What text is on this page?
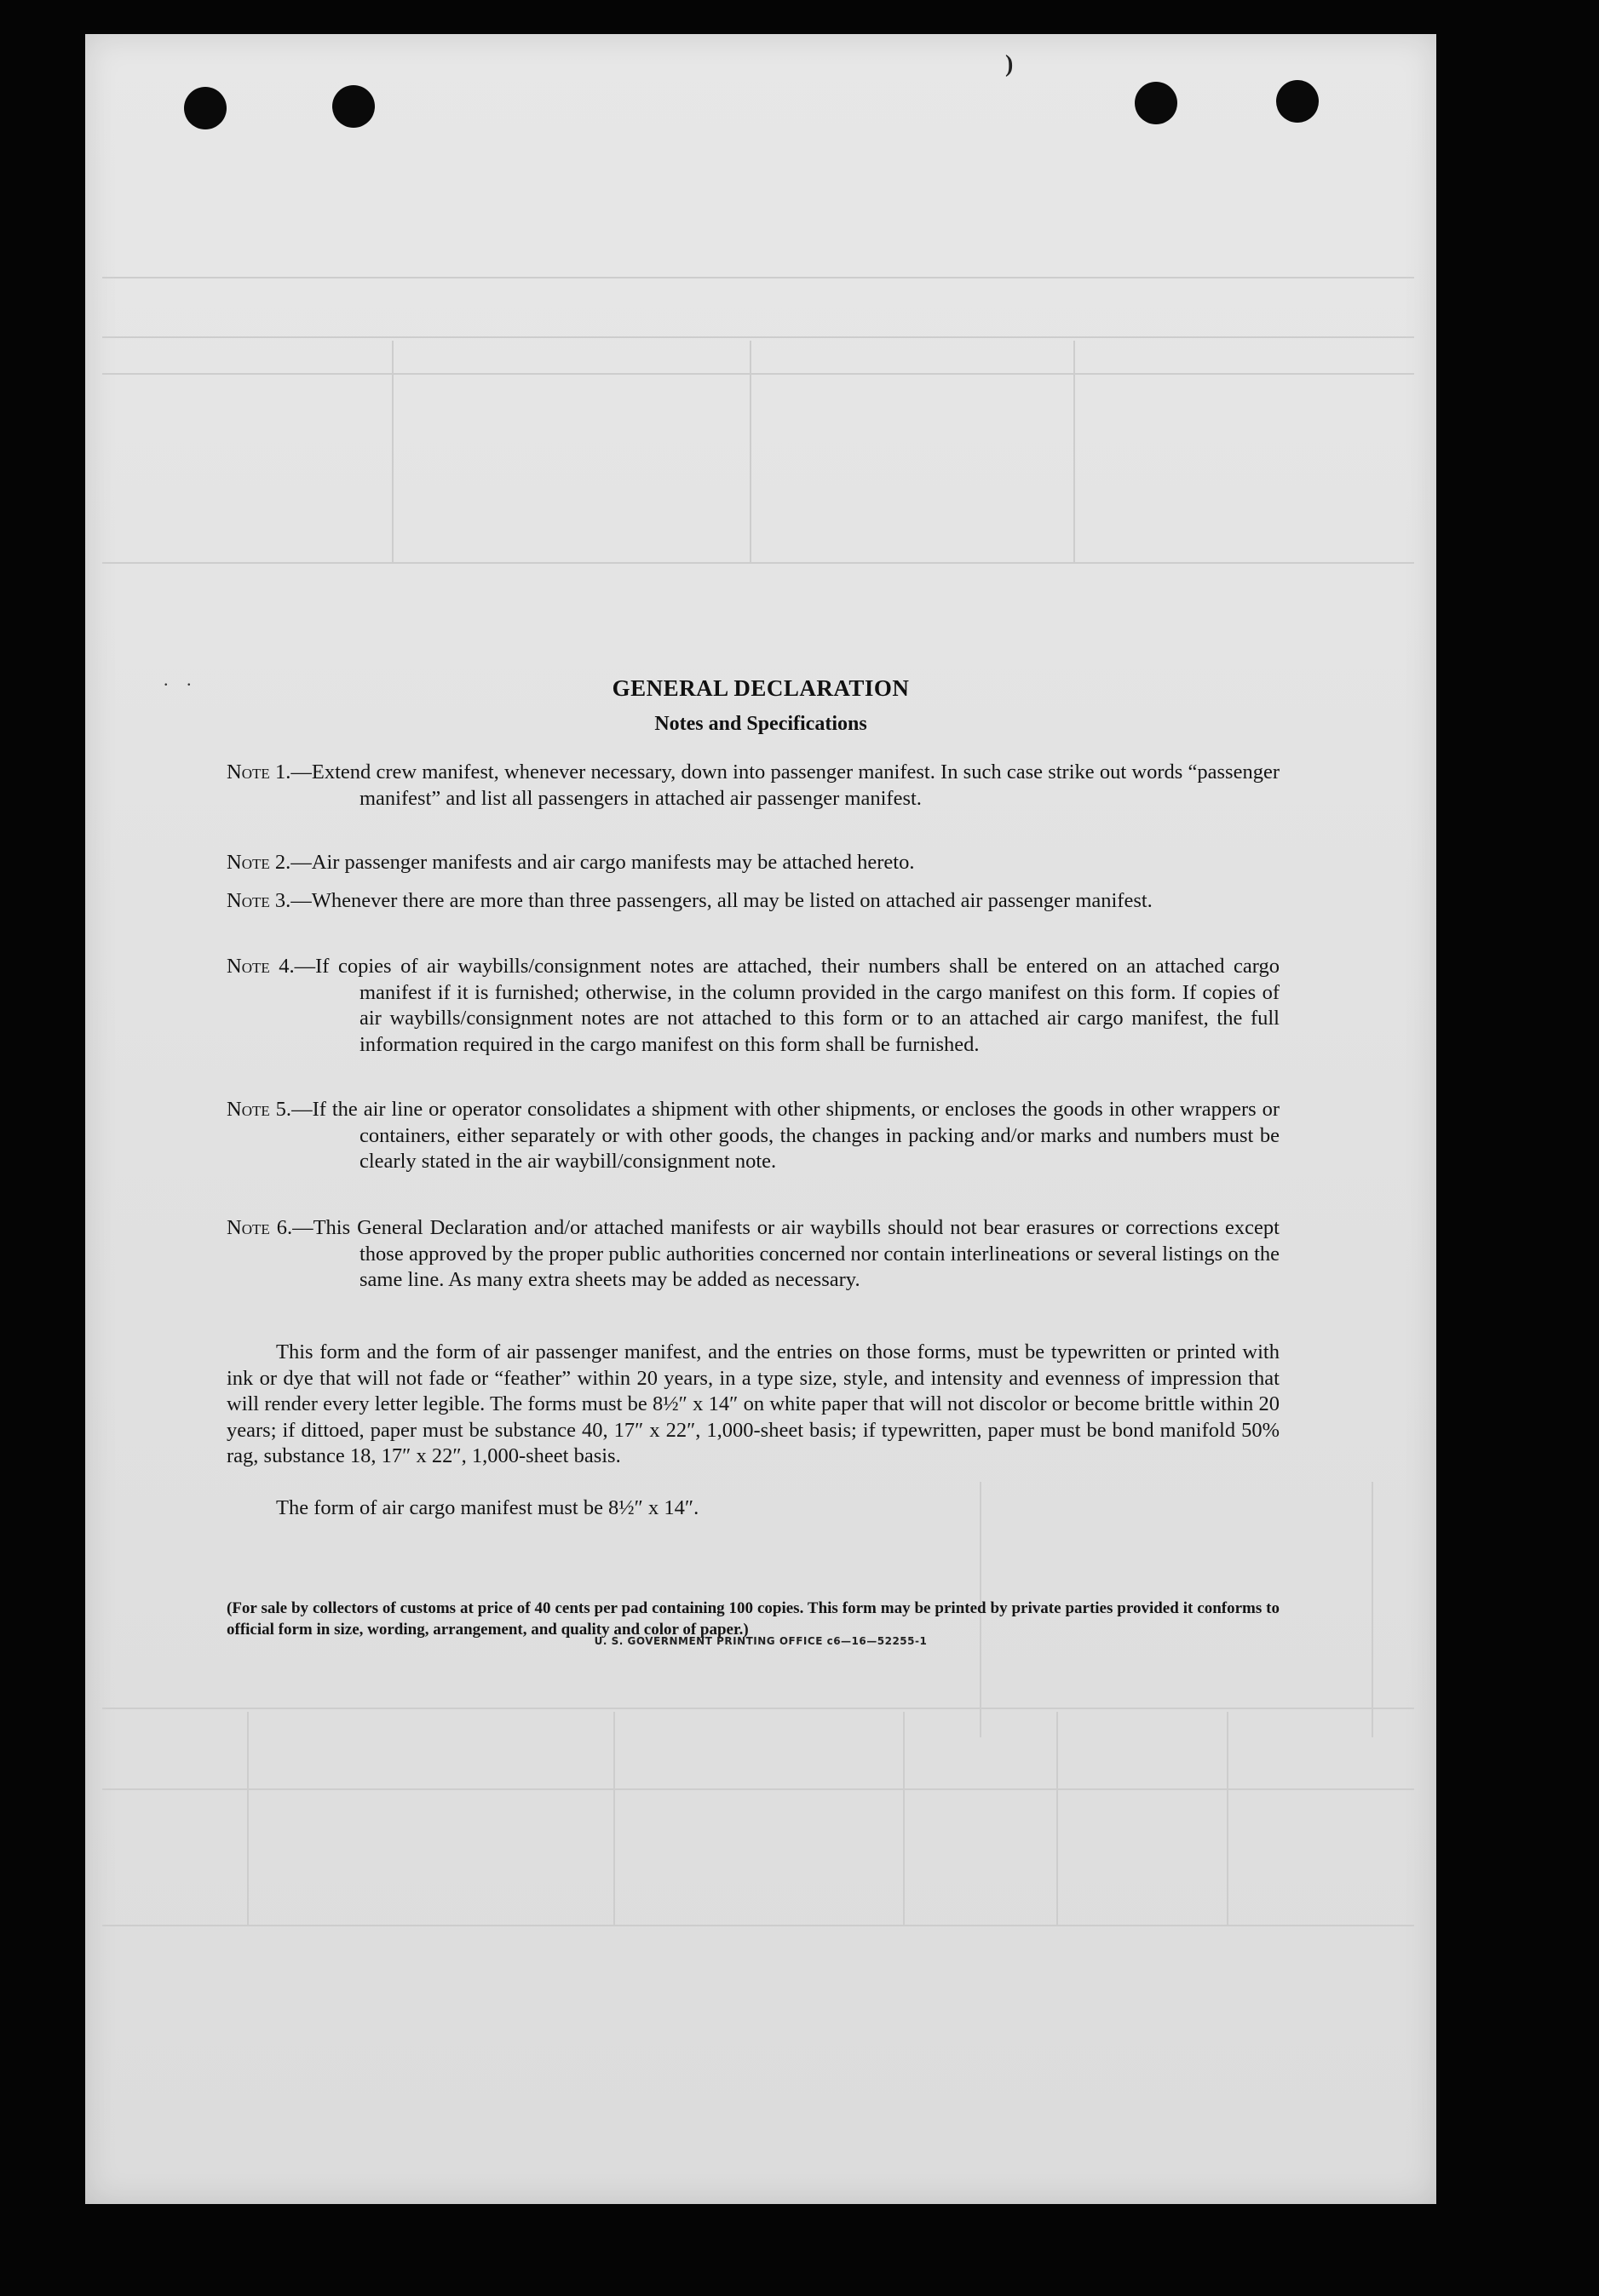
)
. .	GENERAL DECLARATION
Notes and Specifications
Note 1.—Extend crew manifest, whenever necessary, down into passenger manifest. In such case strike out words “passenger manifest” and list all passengers in attached air passenger manifest.
Note 2.—Air passenger manifests and air cargo manifests may be attached hereto.
Note 3.—Whenever there are more than three passengers, all may be listed on attached air passenger manifest.
Note 4.—If copies of air waybills/consignment notes are attached, their numbers shall be entered on an attached cargo manifest if it is furnished; otherwise, in the column provided in the cargo manifest on this form. If copies of air waybills/consignment notes are not attached to this form or to an attached air cargo manifest, the full information required in the cargo manifest on this form shall be furnished.
Note 5.—If the air line or operator consolidates a shipment with other shipments, or encloses the goods in other wrappers or containers, either separately or with other goods, the changes in packing and/or marks and numbers must be clearly stated in the air waybill/consignment note.
Note 6.—This General Declaration and/or attached manifests or air waybills should not bear erasures or corrections except those approved by the proper public authorities concerned nor contain interlineations or several listings on the same line. As many extra sheets may be added as necessary.
This form and the form of air passenger manifest, and the entries on those forms, must be typewritten or printed with ink or dye that will not fade or “feather” within 20 years, in a type size, style, and intensity and evenness of impression that will render every letter legible. The forms must be 8½″ x 14″ on white paper that will not discolor or become brittle within 20 years; if dittoed, paper must be substance 40, 17″ x 22″, 1,000-sheet basis; if typewritten, paper must be bond manifold 50% rag, substance 18, 17″ x 22″, 1,000-sheet basis.
The form of air cargo manifest must be 8½″ x 14″.
(For sale by collectors of customs at price of 40 cents per pad containing 100 copies. This form may be printed by private parties provided it conforms to official form in size, wording, arrangement, and quality and color of paper.)
U. S. GOVERNMENT PRINTING OFFICE c6—16—52255-1
